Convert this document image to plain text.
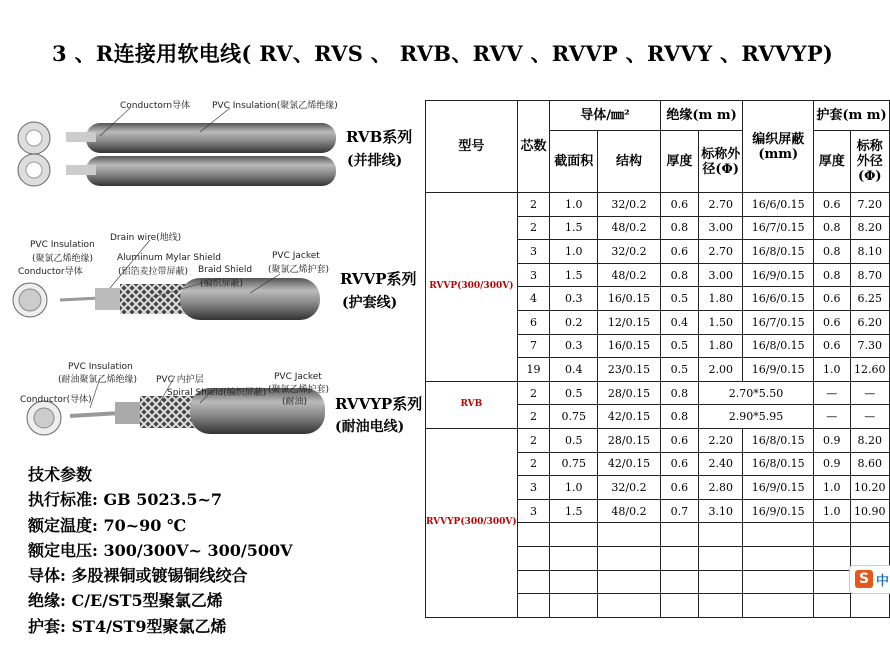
3 、R连接用软电线( RV、RVS 、 RVB、RVV 、RVVP 、RVVY 、RVVYP)
Conductorn导体 PVC Insulation(聚氯乙烯绝缘)
RVB系列
(并排线)
Drain wire(地线)
PVC Insulation
(聚氯乙烯绝缘)
Conductor导体
Aluminum Mylar Shield
(铝箔麦拉带屏蔽) Braid Shield
(编织屏蔽)
PVC Jacket
(聚氯乙烯护套) RVVP系列
(护套线)
PVC Insulation
(耐油聚氯乙烯绝缘) PVC 内护层	PVC Jacket
(聚氯乙烯护套)
Spiral Shield(编织屏蔽)
(耐油)
Conductor(导体)	RVVYP系列
(耐油电线)
技术参数
执行标准: GB 5023.5~7
额定温度: 70~90 ℃
额定电压: 300/300V~ 300/500V
导体: 多股裸铜或镀锡铜线绞合
绝缘: C/E/ST5型聚氯乙烯
护套: ST4/ST9型聚氯乙烯
型号	芯数	导体/㎜²		绝缘(m m)		编织屏蔽(mm)	护套(m m)	
		截面积	结构	厚度	标称外径(Φ)		厚度	标称外径(Φ)
RVVP(300/300V)	2	1.0	32/0.2	0.6	2.70	16/6/0.15	0.6	7.20
	2	1.5	48/0.2	0.8	3.00	16/7/0.15	0.8	8.20
	3	1.0	32/0.2	0.6	2.70	16/8/0.15	0.8	8.10
	3	1.5	48/0.2	0.8	3.00	16/9/0.15	0.8	8.70
	4	0.3	16/0.15	0.5	1.80	16/6/0.15	0.6	6.25
	6	0.2	12/0.15	0.4	1.50	16/7/0.15	0.6	6.20
	7	0.3	16/0.15	0.5	1.80	16/8/0.15	0.6	7.30
	19	0.4	23/0.15	0.5	2.00	16/9/0.15	1.0	12.60
RVB	2	0.5	28/0.15	0.8	2.70*5.50		—	—
	2	0.75	42/0.15	0.8	2.90*5.95		—	—
RVVYP(300/300V)	2	0.5	28/0.15	0.6	2.20	16/8/0.15	0.9	8.20
	2	0.75	42/0.15	0.6	2.40	16/8/0.15	0.9	8.60
	3	1.0	32/0.2	0.6	2.80	16/9/0.15	1.0	10.20
	3	1.5	48/0.2	0.7	3.10	16/9/0.15	1.0	10.90

S 中
